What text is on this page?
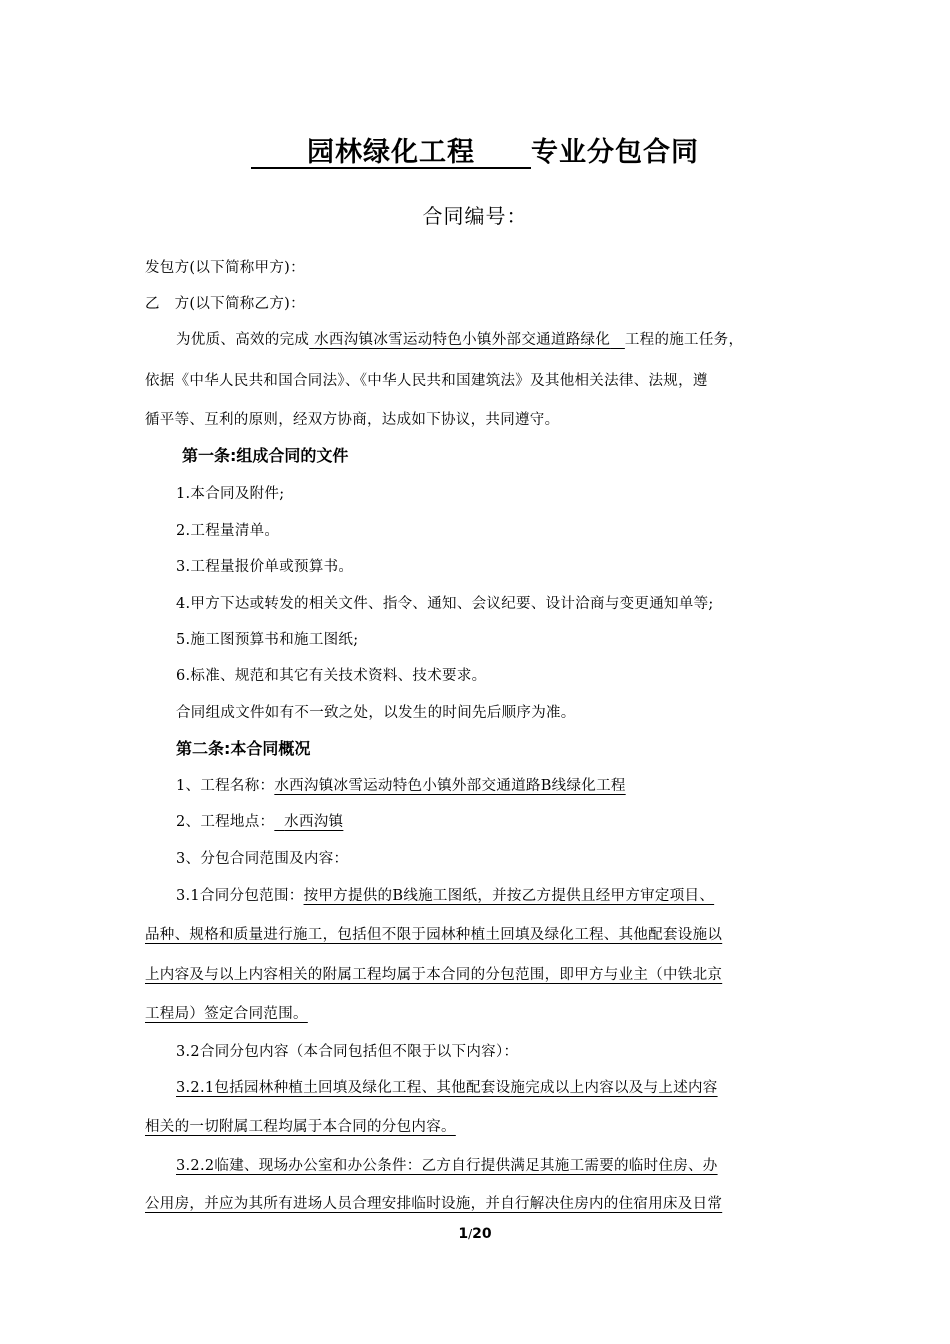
　　园林绿化工程　　 专业分包合同
合同编号：
发包方(以下简称甲方)：
乙　方(以下简称乙方)：
为优质、高效的完成 水西沟镇冰雪运动特色小镇外部交通道路绿化 工程的施工任务，
依据《中华人民共和国合同法》、《中华人民共和国建筑法》及其他相关法律、法规，遵
循平等、互利的原则，经双方协商，达成如下协议，共同遵守。
第一条:组成合同的文件
1.本合同及附件;
2.工程量清单。
3.工程量报价单或预算书。
4.甲方下达或转发的相关文件、指令、通知、会议纪要、设计洽商与变更通知单等;
5.施工图预算书和施工图纸;
6.标准、规范和其它有关技术资料、技术要求。
合同组成文件如有不一致之处，以发生的时间先后顺序为准。
第二条:本合同概况
1、工程名称：水西沟镇冰雪运动特色小镇外部交通道路B线绿化工程
2、工程地点： 水西沟镇
3、分包合同范围及内容：
3.1合同分包范围：按甲方提供的B线施工图纸，并按乙方提供且经甲方审定项目、
品种、规格和质量进行施工，包括但不限于园林种植土回填及绿化工程、其他配套设施以
上内容及与以上内容相关的附属工程均属于本合同的分包范围，即甲方与业主（中铁北京
工程局）签定合同范围。
3.2合同分包内容（本合同包括但不限于以下内容）：
3.2.1包括园林种植土回填及绿化工程、其他配套设施完成以上内容以及与上述内容
相关的一切附属工程均属于本合同的分包内容。
3.2.2临建、现场办公室和办公条件：乙方自行提供满足其施工需要的临时住房、办
公用房，并应为其所有进场人员合理安排临时设施，并自行解决住房内的住宿用床及日常
1/20
